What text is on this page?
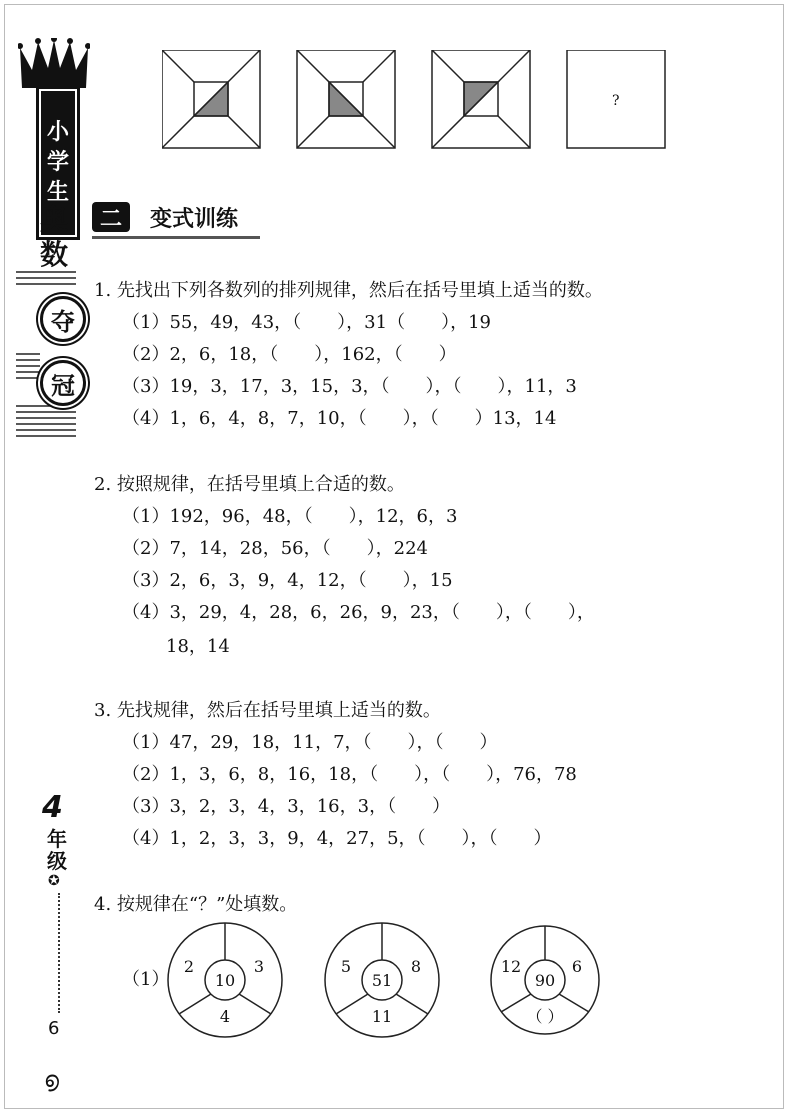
小
学
生
奥
数
夺
冠
4
年级
✪
6
൭
?
二	变式训练
1. 先找出下列各数列的排列规律，然后在括号里填上适当的数。
（1）55，49，43，（　　），31（　　），19
（2）2，6，18，（　　），162，（　　）
（3）19，3，17，3，15，3，（　　），（　　），11，3
（4）1，6，4，8，7，10，（　　），（　　）13，14
2. 按照规律，在括号里填上合适的数。
（1）192，96，48，（　　），12，6，3
（2）7，14，28，56，（　　），224
（3）2，6，3，9，4，12，（　　），15
（4）3，29，4，28，6，26，9，23，（　　），（　　），
18，14
3. 先找规律，然后在括号里填上适当的数。
（1）47，29，18，11，7，（　　），（　　）
（2）1，3，6，8，16，18，（　　），（　　），76，78
（3）3，2，3，4，3，16，3，（　　）
（4）1，2，3，3，9，4，27，5，（　　），（　　）
4. 按规律在“？”处填数。
（1）
2	3
10
4
5	8
51
11
12	6
90
（ ）
